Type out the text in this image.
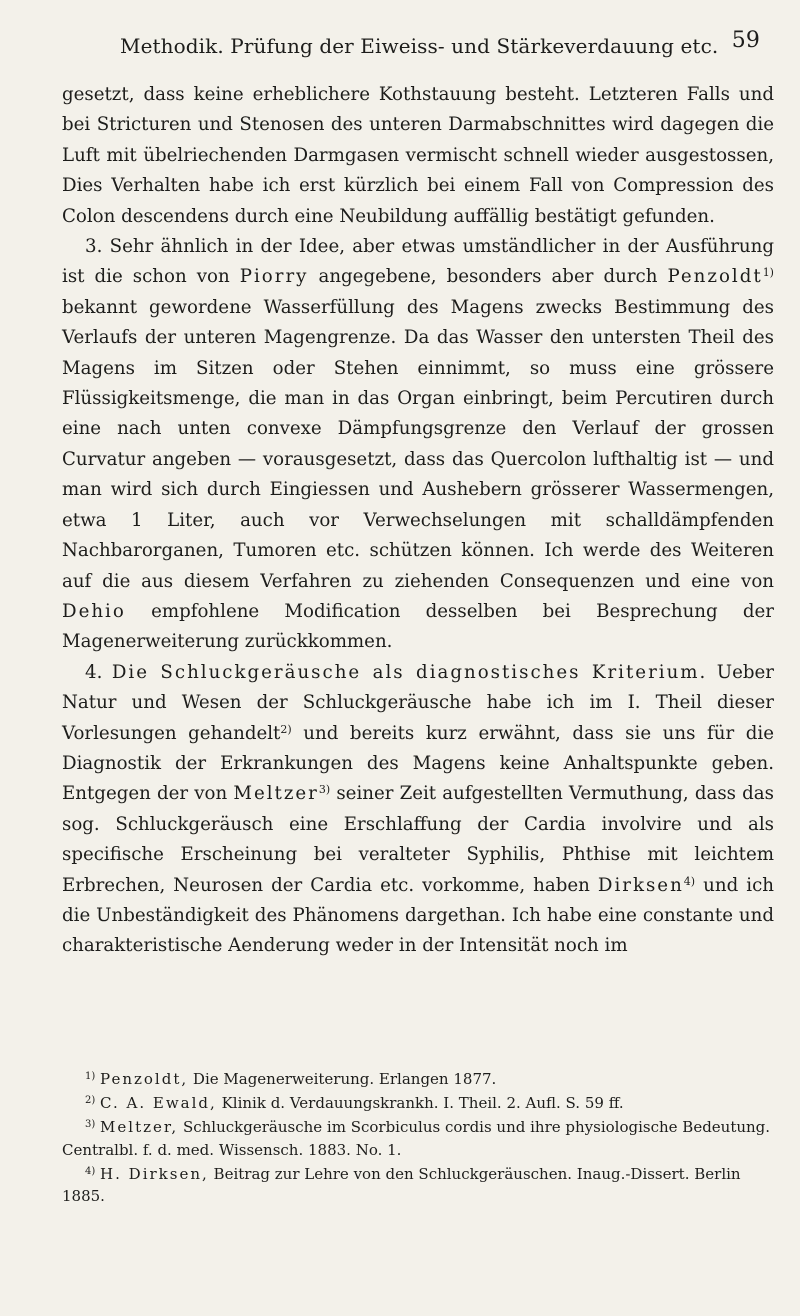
Methodik. Prüfung der Eiweiss- und Stärkeverdauung etc. 59

gesetzt, dass keine erheblichere Kothstauung besteht. Letzteren Falls und bei Stricturen und Stenosen des unteren Darmabschnittes wird dagegen die Luft mit übelriechenden Darmgasen vermischt schnell wieder ausgestossen, Dies Verhalten habe ich erst kürzlich bei einem Fall von Compression des Colon descendens durch eine Neubildung auffällig bestätigt gefunden.

3. Sehr ähnlich in der Idee, aber etwas umständlicher in der Ausführung ist die schon von Piorry angegebene, besonders aber durch Penzoldt$^{1)}$ bekannt gewordene Wasserfüllung des Magens zwecks Bestimmung des Verlaufs der unteren Magengrenze. Da das Wasser den untersten Theil des Magens im Sitzen oder Stehen einnimmt, so muss eine grössere Flüssigkeitsmenge, die man in das Organ einbringt, beim Percutiren durch eine nach unten convexe Dämpfungsgrenze den Verlauf der grossen Curvatur angeben — vorausgesetzt, dass das Quercolon lufthaltig ist — und man wird sich durch Eingiessen und Aushebern grösserer Wassermengen, etwa 1 Liter, auch vor Verwechselungen mit schalldämpfenden Nachbarorganen, Tumoren etc. schützen können. Ich werde des Weiteren auf die aus diesem Verfahren zu ziehenden Consequenzen und eine von Dehio empfohlene Modification desselben bei Besprechung der Magenerweiterung zurückkommen.

4. Die Schluckgeräusche als diagnostisches Kriterium. Ueber Natur und Wesen der Schluckgeräusche habe ich im I. Theil dieser Vorlesungen gehandelt$^{2)}$ und bereits kurz erwähnt, dass sie uns für die Diagnostik der Erkrankungen des Magens keine Anhaltspunkte geben. Entgegen der von Meltzer$^{3)}$ seiner Zeit aufgestellten Vermuthung, dass das sog. Schluckgeräusch eine Erschlaffung der Cardia involvire und als specifische Erscheinung bei veralteter Syphilis, Phthise mit leichtem Erbrechen, Neurosen der Cardia etc. vorkomme, haben Dirksen$^{4)}$ und ich die Unbeständigkeit des Phänomens dargethan. Ich habe eine constante und charakteristische Aenderung weder in der Intensität noch im

$^{1)}$ Penzoldt, Die Magenerweiterung. Erlangen 1877.

$^{2)}$ C. A. Ewald, Klinik d. Verdauungskrankh. I. Theil. 2. Aufl. S. 59 ff.

$^{3)}$ Meltzer, Schluckgeräusche im Scorbiculus cordis und ihre physiologische Bedeutung. Centralbl. f. d. med. Wissensch. 1883. No. 1.

$^{4)}$ H. Dirksen, Beitrag zur Lehre von den Schluckgeräuschen. Inaug.-Dissert. Berlin 1885.
